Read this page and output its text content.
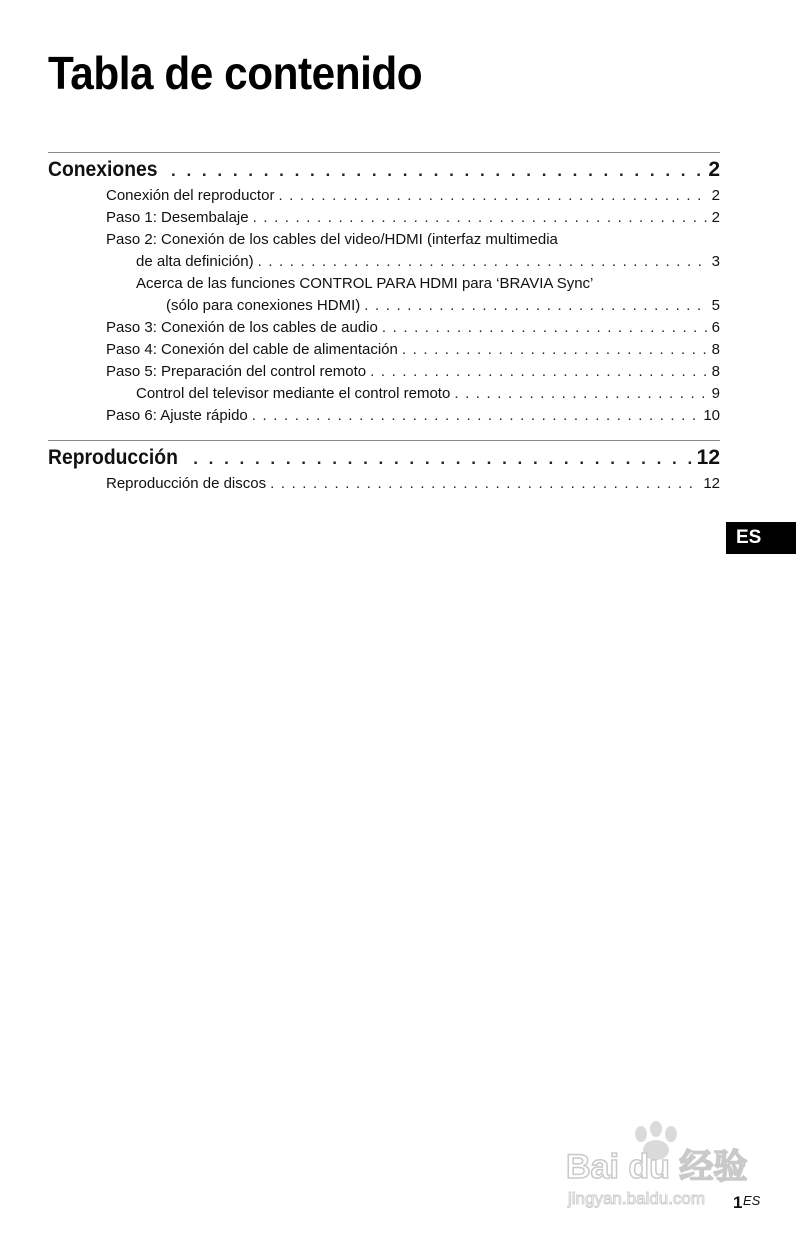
Tabla de contenido
Conexiones . . .	2
Conexión del reproductor . . .	2
Paso 1: Desembalaje . . .	2
Paso 2: Conexión de los cables del video/HDMI (interfaz multimedia
de alta definición) . . .	3
Acerca de las funciones CONTROL PARA HDMI para ‘BRAVIA Sync’
(sólo para conexiones HDMI) . . .	5
Paso 3: Conexión de los cables de audio . . .	6
Paso 4: Conexión del cable de alimentación . . .	8
Paso 5: Preparación del control remoto . . .	8
Control del televisor mediante el control remoto . . .	9
Paso 6: Ajuste rápido . . .	10
Reproducción . . .	12
Reproducción de discos . . .	12
ES
Bai du 经验
jingyan.baidu.com 1 ES
